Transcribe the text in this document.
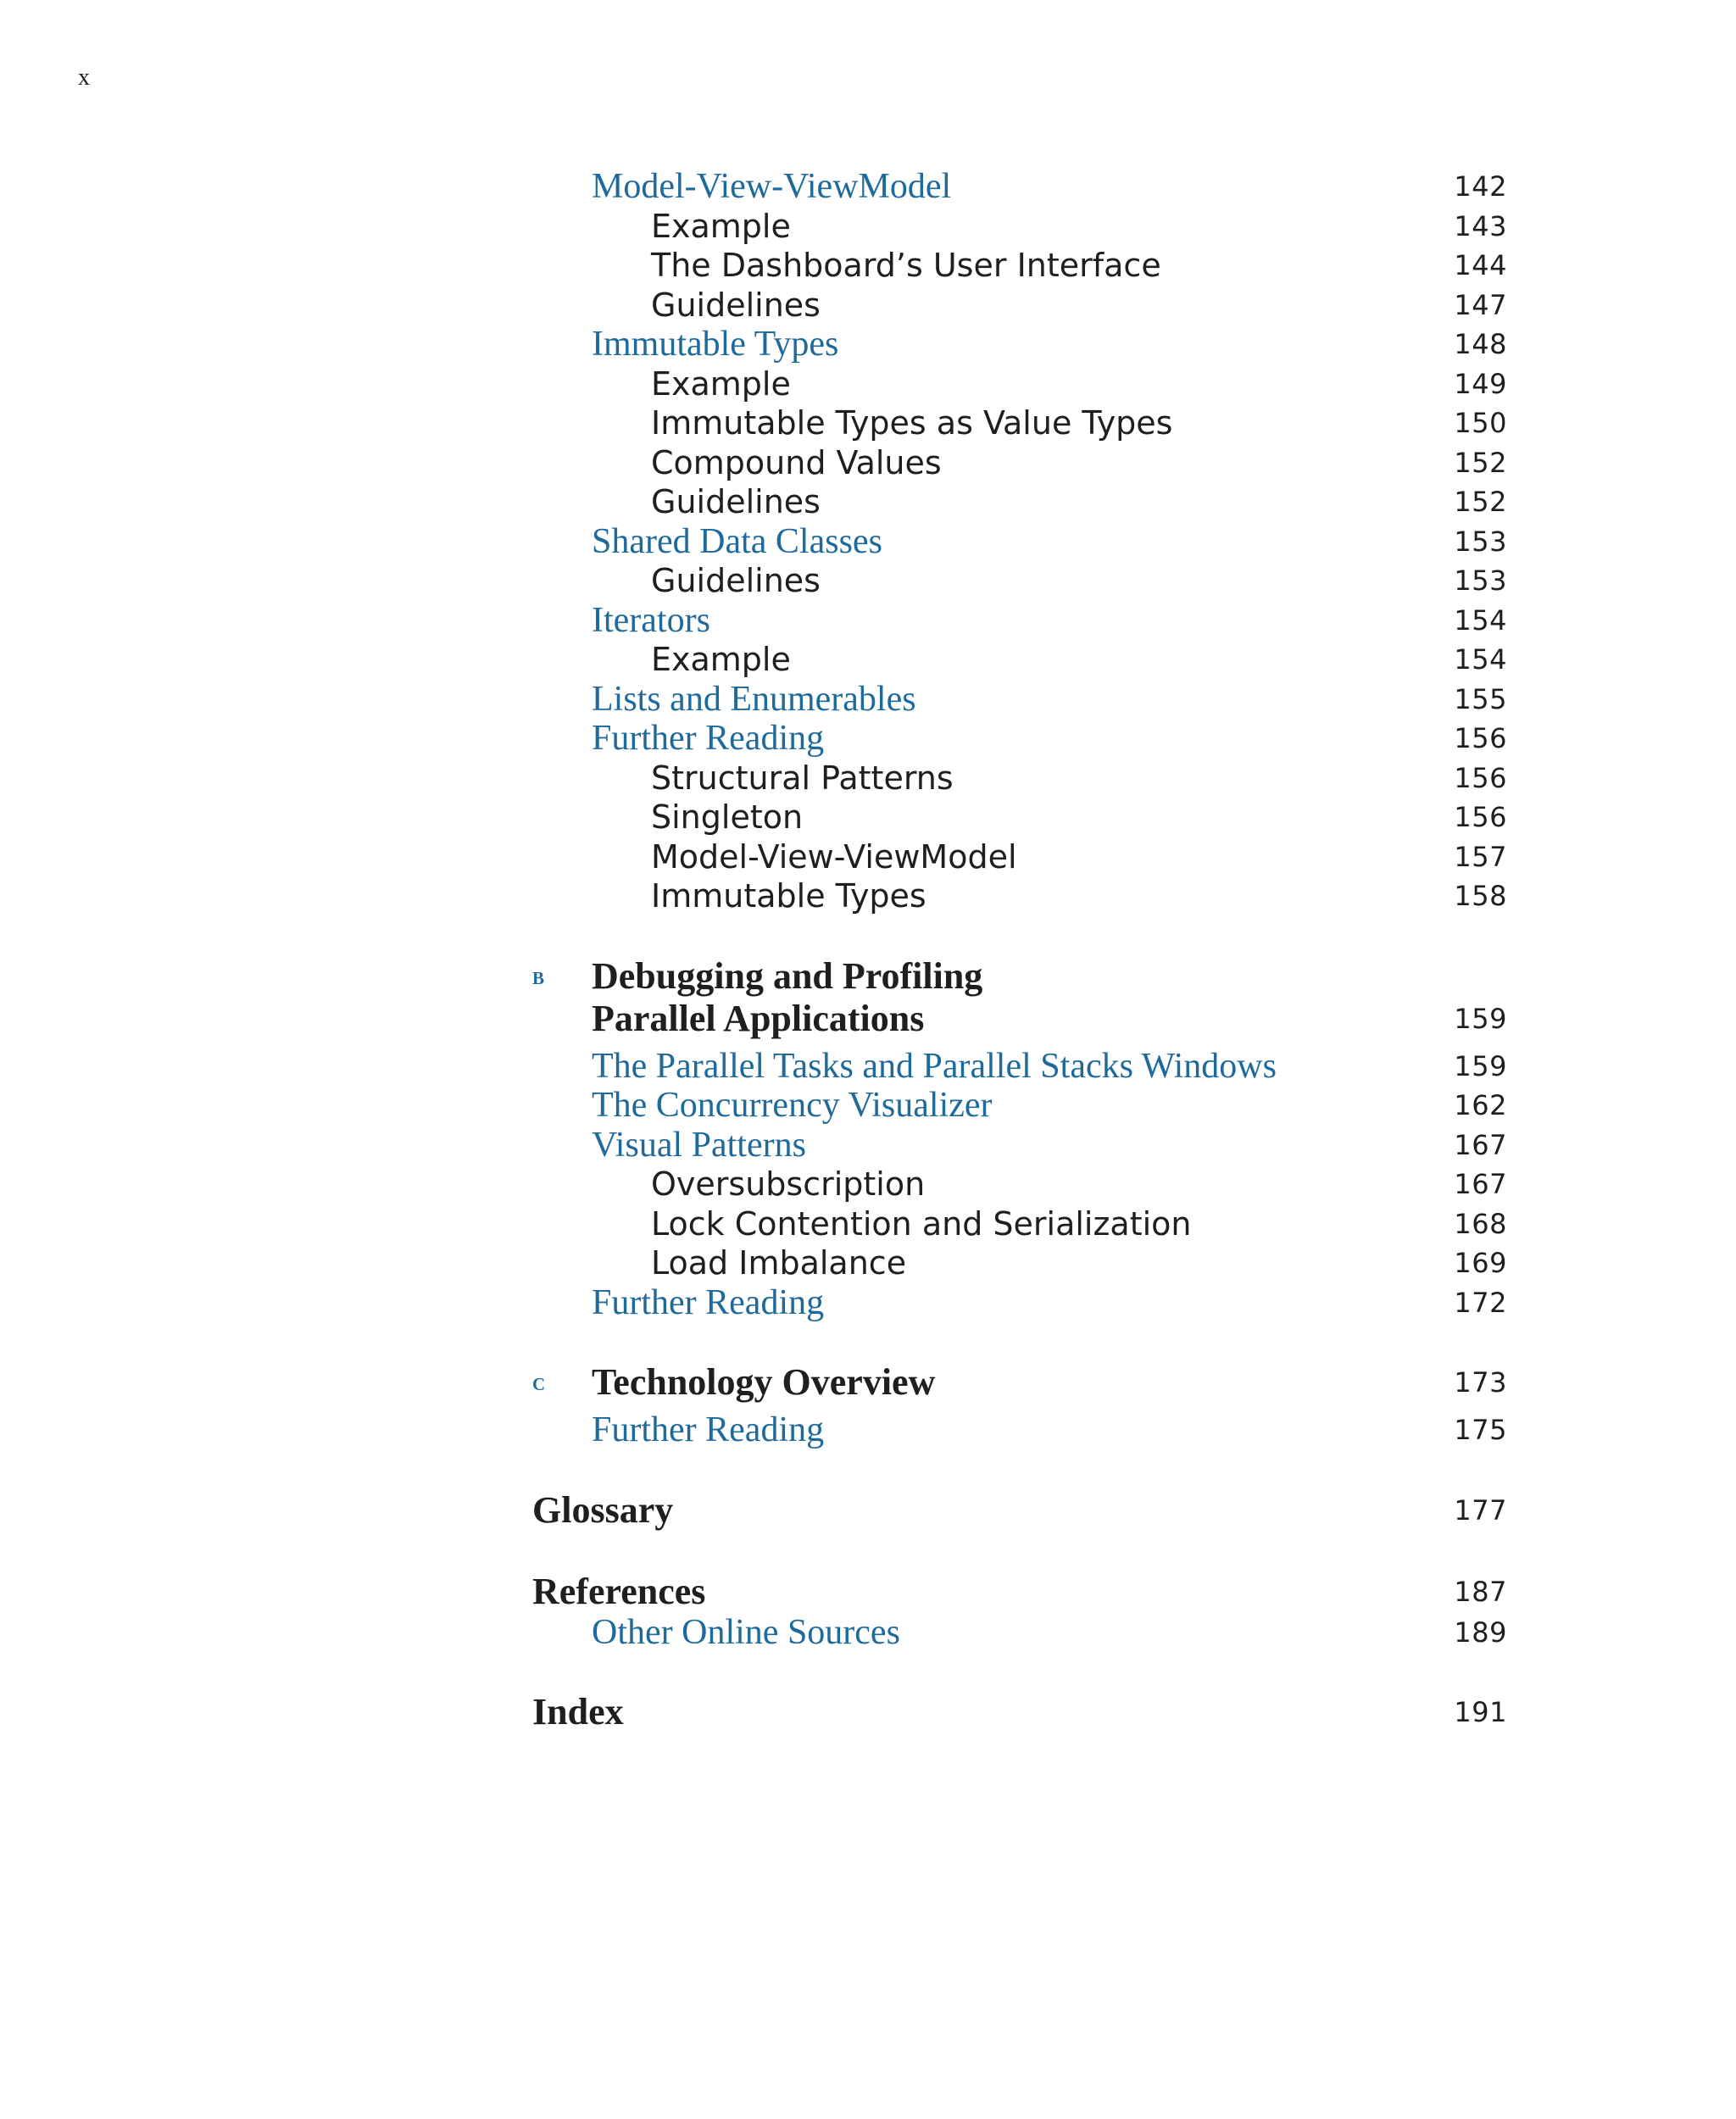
x
Model-View-ViewModel	142
Example	143
The Dashboard’s User Interface	144
Guidelines	147
Immutable Types	148
Example	149
Immutable Types as Value Types	150
Compound Values	152
Guidelines	152
Shared Data Classes	153
Guidelines	153
Iterators	154
Example	154
Lists and Enumerables	155
Further Reading	156
Structural Patterns	156
Singleton	156
Model-View-ViewModel	157
Immutable Types	158
b Debugging and Profiling
Parallel Applications	159
The Parallel Tasks and Parallel Stacks Windows	159
The Concurrency Visualizer	162
Visual Patterns	167
Oversubscription	167
Lock Contention and Serialization	168
Load Imbalance	169
Further Reading	172
c Technology Overview	173
Further Reading	175
Glossary	177
References	187
Other Online Sources	189
Index	191
